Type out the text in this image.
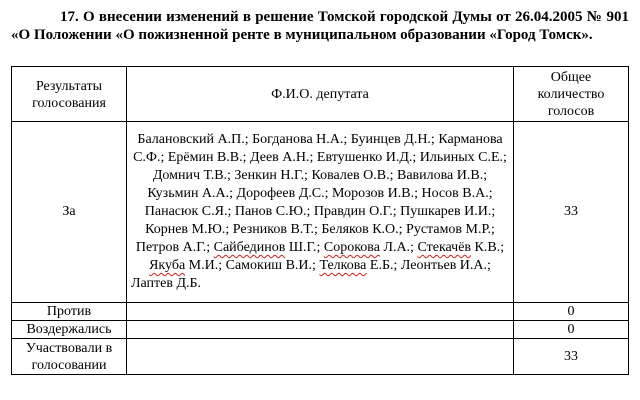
17. О внесении изменений в решение Томской городской Думы от 26.04.2005 № 901 «О Положении «О пожизненной ренте в муниципальном образовании «Город Томск».
Результаты голосования	Ф.И.О. депутата	Общее количество голосов
За	Балановский А.П.; Богданова Н.А.; Буинцев Д.Н.; Карманова С.Ф.; Ерёмин В.В.; Деев А.Н.; Евтушенко И.Д.; Ильиных С.Е.; Домнич Т.В.; Зенкин Н.Г.; Ковалев О.В.; Вавилова И.В.; Кузьмин А.А.; Дорофеев Д.С.; Морозов И.В.; Носов В.А.; Панасюк С.Я.; Панов С.Ю.; Правдин О.Г.; Пушкарев И.И.; Корнев М.Ю.; Резников В.Т.; Беляков К.О.; Рустамов М.Р.; Петров А.Г.; Сайбединов Ш.Г.; Сорокова Л.А.; Стекачёв К.В.; Якуба М.И.; Самокиш В.И.; Телкова Е.Б.; Леонтьев И.А.; Лаптев Д.Б.	33
Против		0
Воздержались		0
Участвовали в голосовании		33
